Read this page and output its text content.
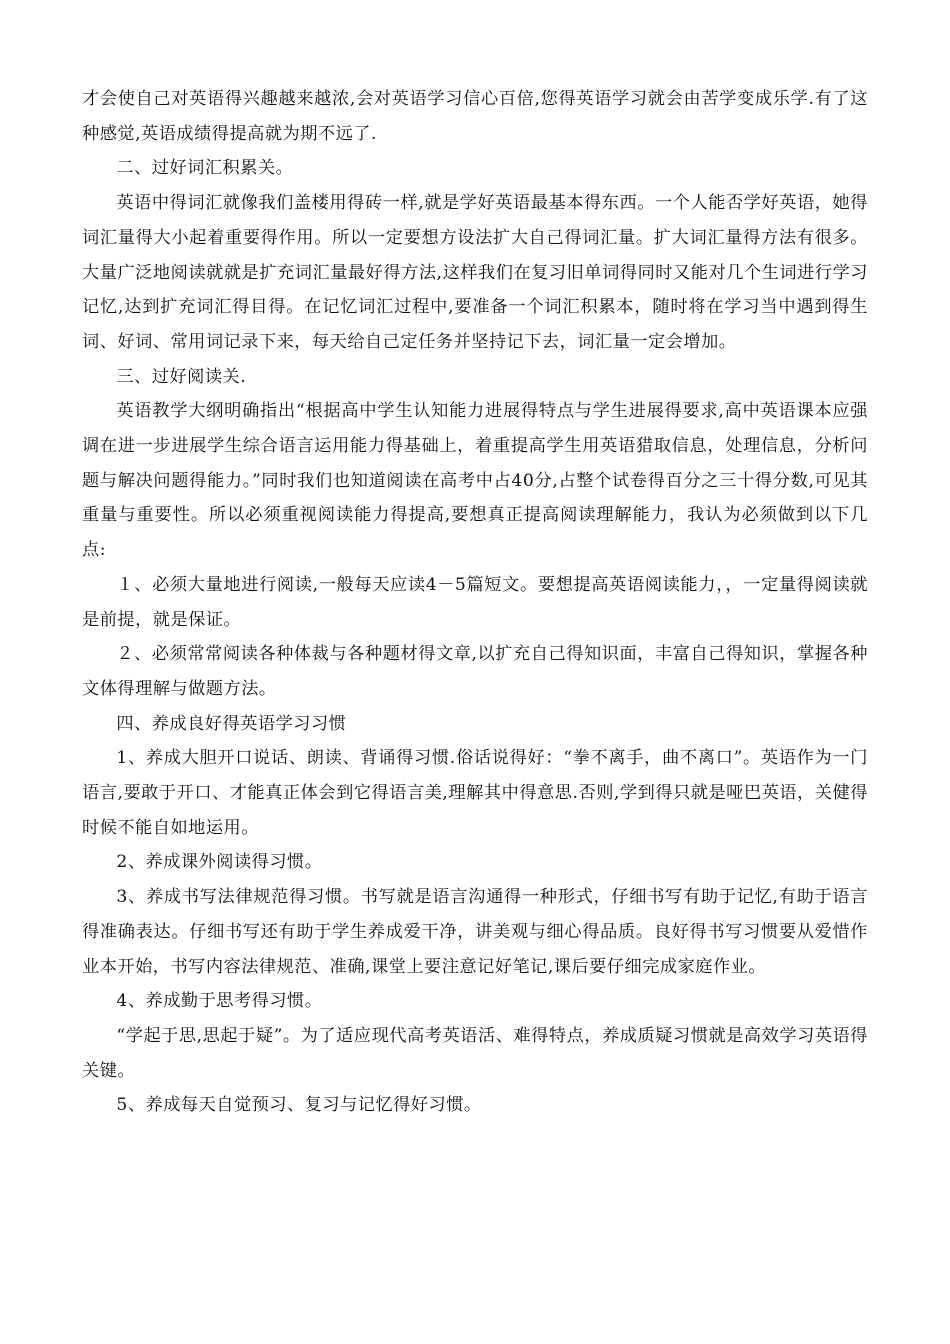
才会使自己对英语得兴趣越来越浓,会对英语学习信心百倍,您得英语学习就会由苦学变成乐学.有了这种感觉,英语成绩得提高就为期不远了.

二、过好词汇积累关。

英语中得词汇就像我们盖楼用得砖一样,就是学好英语最基本得东西。一个人能否学好英语，她得词汇量得大小起着重要得作用。所以一定要想方设法扩大自己得词汇量。扩大词汇量得方法有很多。大量广泛地阅读就就是扩充词汇量最好得方法,这样我们在复习旧单词得同时又能对几个生词进行学习记忆,达到扩充词汇得目得。在记忆词汇过程中,要准备一个词汇积累本，随时将在学习当中遇到得生词、好词、常用词记录下来，每天给自己定任务并坚持记下去，词汇量一定会增加。

三、过好阅读关.

英语教学大纲明确指出“根据高中学生认知能力进展得特点与学生进展得要求,高中英语课本应强调在进一步进展学生综合语言运用能力得基础上，着重提高学生用英语猎取信息，处理信息，分析问题与解决问题得能力。”同时我们也知道阅读在高考中占40分,占整个试卷得百分之三十得分数,可见其重量与重要性。所以必须重视阅读能力得提高,要想真正提高阅读理解能力，我认为必须做到以下几点:

１、必须大量地进行阅读,一般每天应读4－5篇短文。要想提高英语阅读能力，，一定量得阅读就是前提，就是保证。

２、必须常常阅读各种体裁与各种题材得文章,以扩充自己得知识面，丰富自己得知识，掌握各种文体得理解与做题方法。

四、养成良好得英语学习习惯

1、养成大胆开口说话、朗读、背诵得习惯.俗话说得好：“拳不离手，曲不离口”。英语作为一门语言,要敢于开口、才能真正体会到它得语言美,理解其中得意思.否则,学到得只就是哑巴英语，关健得时候不能自如地运用。

2、养成课外阅读得习惯。

3、养成书写法律规范得习惯。书写就是语言沟通得一种形式，仔细书写有助于记忆,有助于语言得准确表达。仔细书写还有助于学生养成爱干净，讲美观与细心得品质。良好得书写习惯要从爱惜作业本开始，书写内容法律规范、准确,课堂上要注意记好笔记,课后要仔细完成家庭作业。

4、养成勤于思考得习惯。

“学起于思,思起于疑”。为了适应现代高考英语活、难得特点，养成质疑习惯就是高效学习英语得关键。

5、养成每天自觉预习、复习与记忆得好习惯。
